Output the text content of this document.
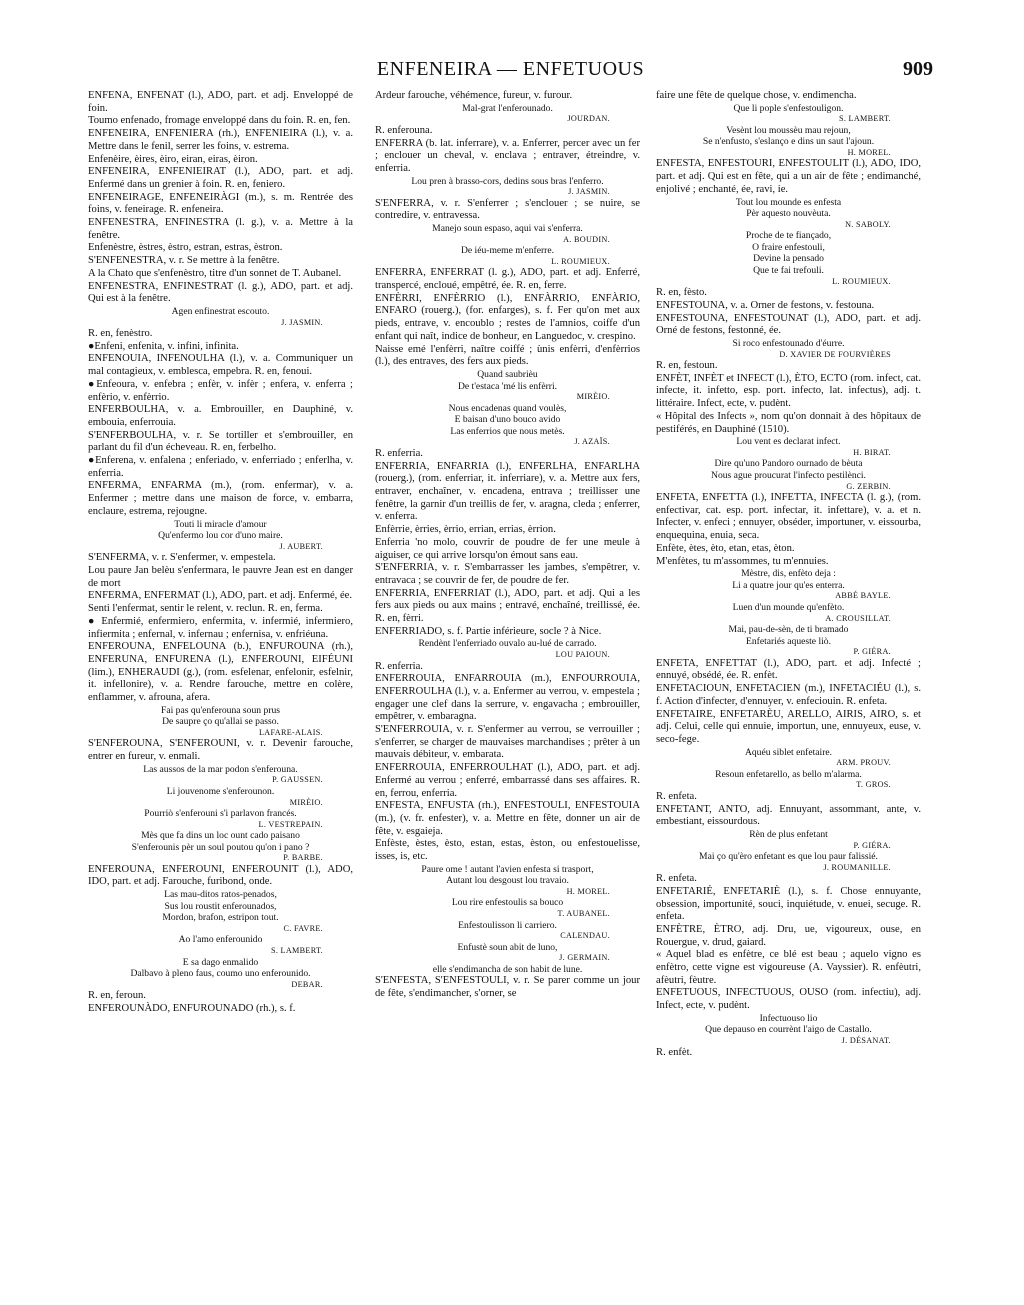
ENFENEIRA — ENFETUOUS	909
ENFENA, ENFENAT (l.), ADO, part. et adj. Enveloppé de foin.
Toumo enfenado, fromage enveloppé dans du foin. R. en, fen.
ENFENEIRA, ENFENIERA (rh.), ENFENIEIRA (l.), v. a. Mettre dans le fenil, serrer les foins, v. estrema.
Enfenèire, èires, èiro, eiran, eiras, èiron.
ENFENEIRA, ENFENIEIRAT (l.), ADO, part. et adj. Enfermé dans un grenier à foin. R. en, feniero.
ENFENEIRAGE, ENFENEIRÀGI (m.), s. m. Rentrée des foins, v. feneirage. R. enfeneira.
ENFENESTRA, ENFINESTRA (l. g.), v. a. Mettre à la fenêtre.
Enfenèstre, èstres, èstro, estran, estras, èstron.
S'ENFENESTRA, v. r. Se mettre à la fenêtre.
A la Chato que s'enfenèstro, titre d'un sonnet de T. Aubanel.
ENFENESTRA, ENFINESTRAT (l. g.), ADO, part. et adj. Qui est à la fenêtre.
Agen enfinestrat escouto.
J. JASMIN.
R. en, fenèstro.
●Enfeni, enfenita, v. infini, infinita.
ENFENOUIA, INFENOULHA (l.), v. a. Communiquer un mal contagieux, v. emblesca, empebra. R. en, fenoui.
●Enfeoura, v. enfebra ; enfèr, v. infèr ; enfera, v. enferra ; enfèrio, v. enfèrrio.
ENFERBOULHA, v. a. Embrouiller, en Dauphiné, v. embouia, enferrouia.
S'ENFERBOULHA, v. r. Se tortiller et s'embrouiller, en parlant du fil d'un écheveau. R. en, ferbelho.
●Enferena, v. enfalena ; enferiado, v. enferriado ; enferlha, v. enferria.
ENFERMA, ENFARMA (m.), (rom. enfermar), v. a. Enfermer ; mettre dans une maison de force, v. embarra, enclaure, estrema, rejougne.
Touti li miracle d'amour
Qu'enfermo lou cor d'uno maire.
J. AUBERT.
S'ENFERMA, v. r. S'enfermer, v. empestela.
Lou paure Jan belèu s'enfermara, le pauvre Jean est en danger de mort
ENFERMA, ENFERMAT (l.), ADO, part. et adj. Enfermé, ée.
Senti l'enfermat, sentir le relent, v. reclun. R. en, ferma.
● Enfermié, enfermiero, enfermita, v. infermié, infermiero, infiermita ; enfernal, v. infernau ; enfernisa, v. enfriéuna.
ENFEROUNA, ENFELOUNA (b.), ENFUROUNA (rh.), ENFERUNA, ENFURENA (l.), ENFEROUNI, EIFÉUNI (lim.), ENHERAUDI (g.), (rom. esfelenar, enfelonir, esfelnir, it. infellonire), v. a. Rendre farouche, mettre en colère, enflammer, v. afrouna, afera.
Fai pas qu'enferouna soun prus
De saupre ço qu'allai se passo.
LAFARE-ALAIS.
S'ENFEROUNA, S'ENFEROUNI, v. r. Devenir farouche, entrer en fureur, v. enmali.
Las aussos de la mar podon s'enferouna.
P. GAUSSEN.
Li jouvenome s'enferounon.
MIRÈIO.
Pourriò s'enferouni s'i parlavon francés.
L. VESTREPAIN.
Mès que fa dins un loc ount cado paisano
S'enferounis pèr un soul poutou qu'on i pano ?
P. BARBE.
ENFEROUNA, ENFEROUNI, ENFEROUNIT (l.), ADO, IDO, part. et adj. Farouche, furibond, onde.
Las mau-ditos ratos-penados,
Sus lou roustit enferounados,
Mordon, brafon, estripon tout.
C. FAVRE.
Ao l'amo enferounido
S. LAMBERT.
E sa dago enmalido
Dalbavo à pleno faus, coumo uno enferounido.
DEBAR.
R. en, feroun.
ENFEROUNÀDO, ENFUROUNADO (rh.), s. f.
Ardeur farouche, véhémence, fureur, v. furour.
Mal-grat l'enferounado.
JOURDAN.
R. enferouna.
ENFERRA (b. lat. inferrare), v. a. Enferrer, percer avec un fer ; enclouer un cheval, v. enclava ; entraver, étreindre, v. enferria.
Lou pren à brasso-cors, dedins sous bras l'enferro.
J. JASMIN.
S'ENFERRA, v. r. S'enferrer ; s'enclouer ; se nuire, se contredire, v. entravessa.
Manejo soun espaso, aqui vai s'enferra.
A. BOUDIN.
De iéu-meme m'enferre.
L. ROUMIEUX.
ENFERRA, ENFERRAT (l. g.), ADO, part. et adj. Enferré, transpercé, encloué, empêtré, ée. R. en, ferre.
ENFÈRRI, ENFÈRRIO (l.), ENFÀRRIO, ENFÀRIO, ENFARO (rouerg.), (for. enfarges), s. f. Fer qu'on met aux pieds, entrave, v. encoublo ; restes de l'amnios, coiffe d'un enfant qui naît, indice de bonheur, en Languedoc, v. crespino.
Naisse emé l'enfèrri, naître coiffé ; ùnis enfèrri, d'enfèrrios (l.), des entraves, des fers aux pieds.
Quand saubrièu
De t'estaca 'mé lis enfèrri.
MIRÈIO.
Nous encadenas quand voulès,
E baisan d'uno bouco avido
Las enferrios que nous metès.
J. AZAÏS.
R. enferria.
ENFERRIA, ENFARRIA (l.), ENFERLHA, ENFARLHA (rouerg.), (rom. enferriar, it. inferriare), v. a. Mettre aux fers, entraver, enchaîner, v. encadena, entrava ; treillisser une fenêtre, la garnir d'un treillis de fer, v. aragna, cleda ; enferrer, v. enferra.
Enfèrrie, èrries, èrrio, errian, errias, èrrion.
Enferria 'no molo, couvrir de poudre de fer une meule à aiguiser, ce qui arrive lorsqu'on émout sans eau.
S'ENFERRIA, v. r. S'embarrasser les jambes, s'empêtrer, v. entravaca ; se couvrir de fer, de poudre de fer.
ENFERRIA, ENFERRIAT (l.), ADO, part. et adj. Qui a les fers aux pieds ou aux mains ; entravé, enchaîné, treillissé, ée. R. en, fèrri.
ENFERRIADO, s. f. Partie inférieure, socle ? à Nice.
Rendènt l'enferriado ouvalo au-lué de carrado.
LOU PAIOUN.
R. enferria.
ENFERROUIA, ENFARROUIA (m.), ENFOURROUIA, ENFERROULHA (l.), v. a. Enfermer au verrou, v. empestela ; engager une clef dans la serrure, v. engavacha ; embrouiller, empêtrer, v. embaragna.
S'ENFERROUIA, v. r. S'enfermer au verrou, se verrouiller ; s'enferrer, se charger de mauvaises marchandises ; prêter à un mauvais débiteur, v. embarata.
ENFERROUIA, ENFERROULHAT (l.), ADO, part. et adj. Enfermé au verrou ; enferré, embarrassé dans ses affaires. R. en, ferrou, enferria.
ENFESTA, ENFUSTA (rh.), ENFESTOULI, ENFESTOUIA (m.), (v. fr. enfester), v. a. Mettre en fête, donner un air de fête, v. esgaieja.
Enfèste, èstes, èsto, estan, estas, èston, ou enfestouelisse, isses, is, etc.
Paure ome ! autant l'avien enfesta si trasport,
Autant lou desgoust lou travaio.
H. MOREL.
Lou rire enfestoulis sa bouco
T. AUBANEL.
Enfestoulisson li carriero.
CALENDAU.
Enfustè soun abit de luno,
J. GERMAIN.
elle s'endimancha de son habit de lune.
S'ENFESTA, S'ENFESTOULI, v. r. Se parer comme un jour de fête, s'endimancher, s'orner, se
faire une fête de quelque chose, v. endimencha.
Que li pople s'enfestouligon.
S. LAMBERT.
Vesènt lou moussèu mau rejoun,
Se n'enfusto, s'eslanço e dins un saut l'ajoun.
H. MOREL.
ENFESTA, ENFESTOURI, ENFESTOULIT (l.), ADO, IDO, part. et adj. Qui est en fête, qui a un air de fête ; endimanché, enjolivé ; enchanté, ée, ravi, ie.
Tout lou mounde es enfesta
Pèr aquesto nouvèuta.
N. SABOLY.
Proche de te fiançado,
O fraire enfestouli,
Devine la pensado
Que te fai trefouli.
L. ROUMIEUX.
R. en, fèsto.
ENFESTOUNA, v. a. Orner de festons, v. festouna.
ENFESTOUNA, ENFESTOUNAT (l.), ADO, part. et adj. Orné de festons, festonné, ée.
Si roco enfestounado d'éurre.
D. XAVIER DE FOURVIÈRES
R. en, festoun.
ENFÈT, INFÈT et INFECT (l.), ÈTO, ECTO (rom. infect, cat. infecte, it. infetto, esp. port. infecto, lat. infectus), adj. t. littéraire. Infect, ecte, v. pudènt.
« Hôpital des Infects », nom qu'on donnait à des hôpitaux de pestiférés, en Dauphiné (1510).
Lou vent es declarat infect.
H. BIRAT.
Dire qu'uno Pandoro ournado de bèuta
Nous ague proucurat l'infecto pestilènci.
G. ZERBIN.
ENFETA, ENFETTA (l.), INFETTA, INFECTA (l. g.), (rom. enfectivar, cat. esp. port. infectar, it. infettare), v. a. et n. Infecter, v. enfeci ; ennuyer, obséder, importuner, v. eissourba, enquequina, enuia, seca.
Enfète, ètes, èto, etan, etas, èton.
M'enfètes, tu m'assommes, tu m'ennuies.
Mèstre, dis, enfèto deja :
Li a quatre jour qu'es enterra.
ABBÉ BAYLE.
Luen d'un mounde qu'enfèto.
A. CROUSILLAT.
Mai, pau-de-sèn, de ti bramado
Enfetariés aqueste liò.
P. GIÉRA.
ENFETA, ENFETTAT (l.), ADO, part. et adj. Infecté ; ennuyé, obsédé, ée. R. enfèt.
ENFETACIOUN, ENFETACIEN (m.), INFETACIÉU (l.), s. f. Action d'infecter, d'ennuyer, v. enfeciouin. R. enfeta.
ENFETAIRE, ENFETARÈU, ARELLO, AIRIS, AIRO, s. et adj. Celui, celle qui ennuie, importun, une, ennuyeux, euse, v. seco-fege.
Aquéu siblet enfetaire.
ARM. PROUV.
Resoun enfetarello, as bello m'alarma.
T. GROS.
R. enfeta.
ENFETANT, ANTO, adj. Ennuyant, assommant, ante, v. embestiant, eissourdous.
Rèn de plus enfetant
P. GIÉRA.
Mai ço qu'èro enfetant es que lou paur falissié.
J. ROUMANILLE.
R. enfeta.
ENFETARIÉ, ENFETARIÈ (l.), s. f. Chose ennuyante, obsession, importunité, souci, inquiétude, v. enuei, secuge. R. enfeta.
ENFÈTRE, ÈTRO, adj. Dru, ue, vigoureux, ouse, en Rouergue, v. drud, gaiard.
« Aquel blad es enfètre, ce blé est beau ; aquelo vigno es enfètro, cette vigne est vigoureuse (A. Vayssier). R. enfèutri, afèutri, fèutre.
ENFETUOUS, INFECTUOUS, OUSO (rom. infectiu), adj. Infect, ecte, v. pudènt.
Infectuouso lio
Que depauso en courrènt l'aigo de Castallo.
J. DÉSANAT.
R. enfèt.
